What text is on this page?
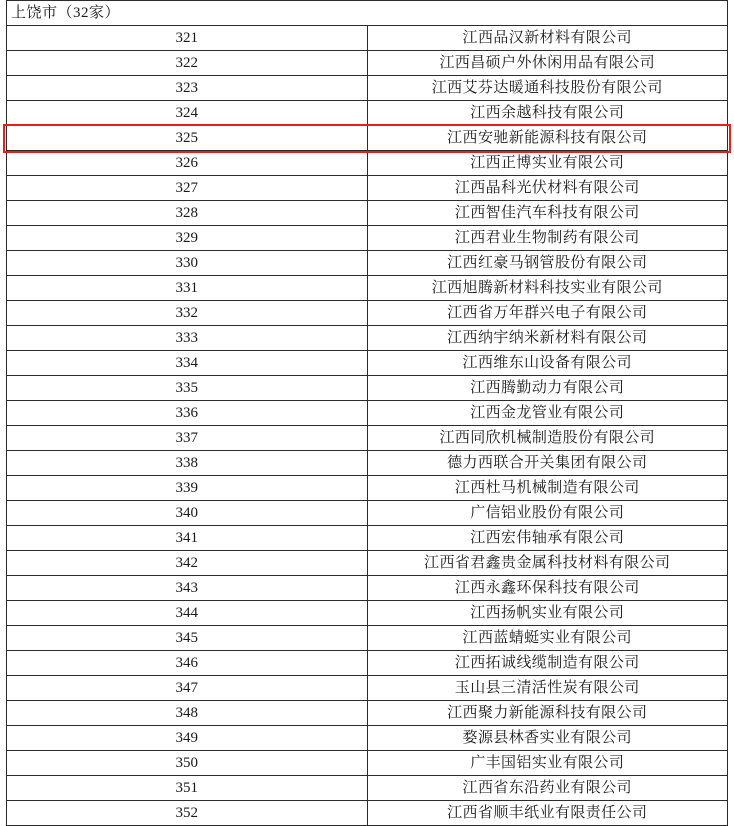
上饶市（32家）	
321	江西品汉新材料有限公司
322	江西昌硕户外休闲用品有限公司
323	江西艾芬达暖通科技股份有限公司
324	江西余越科技有限公司
325	江西安驰新能源科技有限公司
326	江西正博实业有限公司
327	江西晶科光伏材料有限公司
328	江西智佳汽车科技有限公司
329	江西君业生物制药有限公司
330	江西红豪马钢管股份有限公司
331	江西旭腾新材料科技实业有限公司
332	江西省万年群兴电子有限公司
333	江西纳宇纳米新材料有限公司
334	江西维东山设备有限公司
335	江西腾勤动力有限公司
336	江西金龙管业有限公司
337	江西同欣机械制造股份有限公司
338	德力西联合开关集团有限公司
339	江西杜马机械制造有限公司
340	广信铝业股份有限公司
341	江西宏伟轴承有限公司
342	江西省君鑫贵金属科技材料有限公司
343	江西永鑫环保科技有限公司
344	江西扬帆实业有限公司
345	江西蓝蜻蜓实业有限公司
346	江西拓诚线缆制造有限公司
347	玉山县三清活性炭有限公司
348	江西聚力新能源科技有限公司
349	婺源县林香实业有限公司
350	广丰国铝实业有限公司
351	江西省东沿药业有限公司
352	江西省顺丰纸业有限责任公司
